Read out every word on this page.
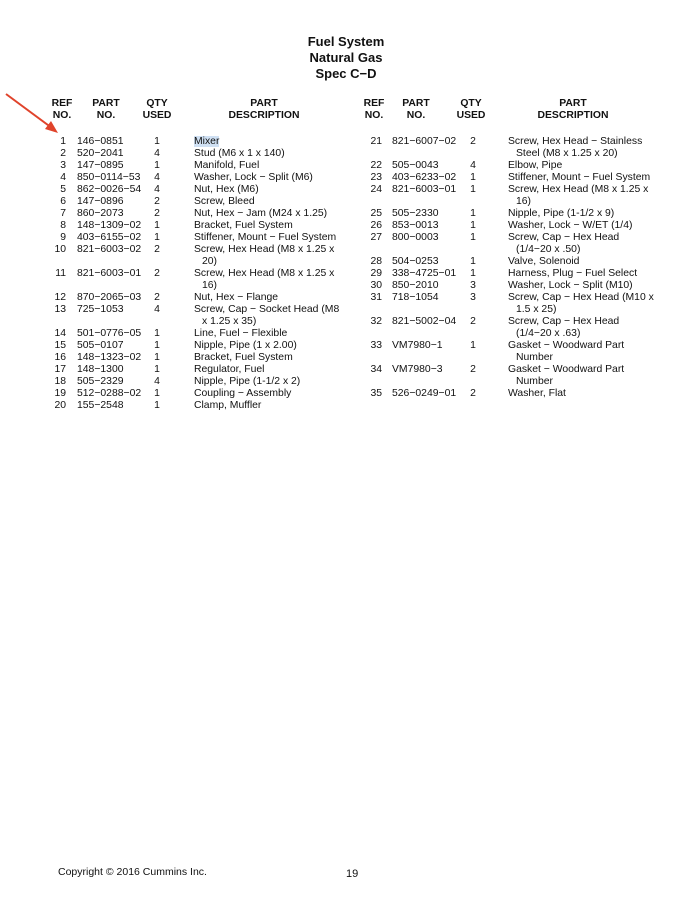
Fuel System
Natural Gas
Spec C−D
REF
NO.
PART
NO.
QTY
USED
PART
DESCRIPTION
1 146−0851	1	Mixer
2 520−2041	4	Stud (M6 x 1 x 140)
3 147−0895	1	Manifold, Fuel
4 850−0114−53	4	Washer, Lock − Split (M6)
5 862−0026−54	4	Nut, Hex (M6)
6 147−0896	2	Screw, Bleed
7 860−2073	2	Nut, Hex − Jam (M24 x 1.25)
8 148−1309−02	1	Bracket, Fuel System
9 403−6155−02	1	Stiffener, Mount − Fuel System
10 821−6003−02	2	Screw, Hex Head (M8 x 1.25 x
20)
11 821−6003−01	2	Screw, Hex Head (M8 x 1.25 x
16)
12 870−2065−03	2	Nut, Hex − Flange
13 725−1053	4	Screw, Cap − Socket Head (M8
x 1.25 x 35)
14 501−0776−05	1	Line, Fuel − Flexible
15 505−0107	1	Nipple, Pipe (1 x 2.00)
16 148−1323−02	1	Bracket, Fuel System
17 148−1300	1	Regulator, Fuel
18 505−2329	4	Nipple, Pipe (1-1/2 x 2)
19 512−0288−02	1	Coupling − Assembly
20 155−2548	1	Clamp, Muffler
REF
NO.
PART
NO.
QTY
USED
PART
DESCRIPTION
21 821−6007−02	2	Screw, Hex Head − Stainless
Steel (M8 x 1.25 x 20)
22 505−0043	4	Elbow, Pipe
23 403−6233−02	1	Stiffener, Mount − Fuel System
24 821−6003−01	1	Screw, Hex Head (M8 x 1.25 x
16)
25 505−2330	1	Nipple, Pipe (1-1/2 x 9)
26 853−0013	1	Washer, Lock − W/ET (1/4)
27 800−0003	1	Screw, Cap − Hex Head
(1/4−20 x .50)
28 504−0253	1	Valve, Solenoid
29 338−4725−01	1	Harness, Plug − Fuel Select
30 850−2010	3	Washer, Lock − Split (M10)
31 718−1054	3	Screw, Cap − Hex Head (M10 x
1.5 x 25)
32 821−5002−04	2	Screw, Cap − Hex Head
(1/4−20 x .63)
33 VM7980−1	1	Gasket − Woodward Part
Number
34 VM7980−3	2	Gasket − Woodward Part
Number
35 526−0249−01	2	Washer, Flat
Copyright © 2016 Cummins Inc.	19
